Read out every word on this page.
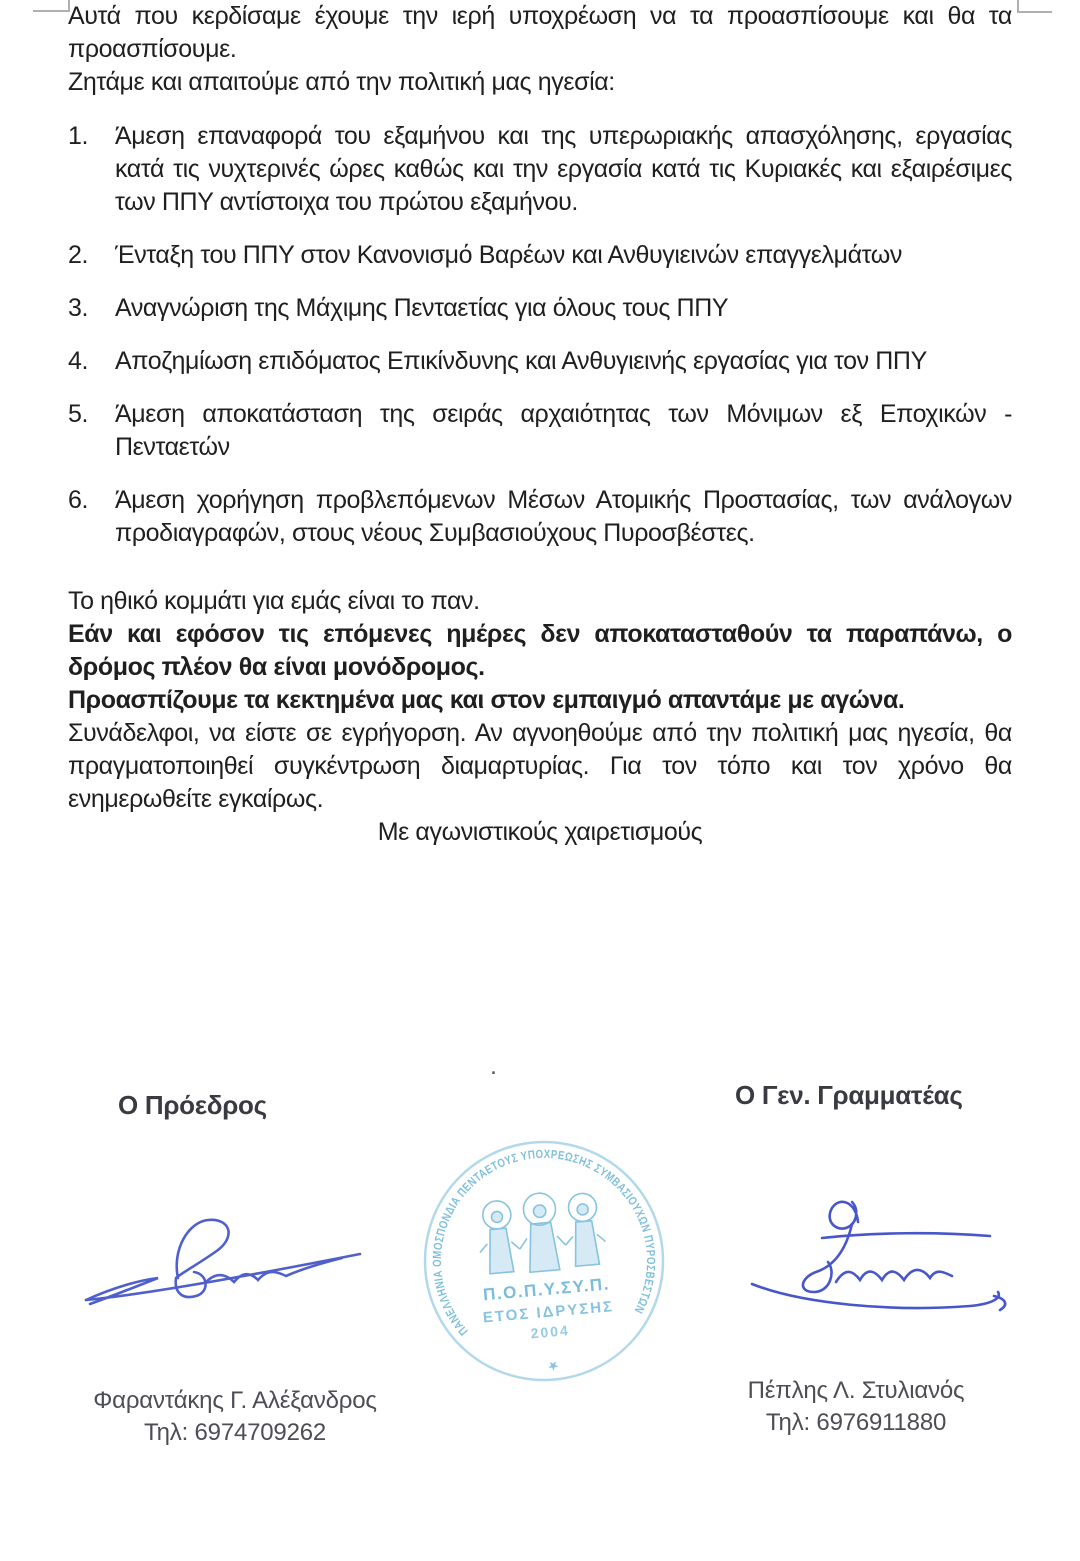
Αυτά που κερδίσαμε έχουμε την ιερή υποχρέωση να τα προασπίσουμε και θα τα προασπίσουμε.

Ζητάμε και απαιτούμε από την πολιτική μας ηγεσία:

1.	Άμεση επαναφορά του εξαμήνου και της υπερωριακής απασχόλησης, εργασίας κατά τις νυχτερινές ώρες καθώς και την εργασία κατά τις Κυριακές και εξαιρέσιμες των ΠΠΥ αντίστοιχα του πρώτου εξαμήνου.
2.	Ένταξη του ΠΠΥ στον Κανονισμό Βαρέων και Ανθυγιεινών επαγγελμάτων
3.	Αναγνώριση της Μάχιμης Πενταετίας για όλους τους ΠΠΥ
4.	Αποζημίωση επιδόματος Επικίνδυνης και Ανθυγιεινής εργασίας για τον ΠΠΥ
5.	Άμεση αποκατάσταση της σειράς αρχαιότητας των Μόνιμων εξ Εποχικών - Πενταετών
6.	Άμεση χορήγηση προβλεπόμενων Μέσων Ατομικής Προστασίας, των ανάλογων προδιαγραφών, στους νέους Συμβασιούχους Πυροσβέστες.

Το ηθικό κομμάτι για εμάς είναι το παν.

Εάν και εφόσον τις επόμενες ημέρες δεν αποκατασταθούν τα παραπάνω, ο δρόμος πλέον θα είναι μονόδρομος.

Προασπίζουμε τα κεκτημένα μας και στον εμπαιγμό απαντάμε με αγώνα.

Συνάδελφοι, να είστε σε εγρήγορση. Αν αγνοηθούμε από την πολιτική μας ηγεσία, θα πραγματοποιηθεί συγκέντρωση διαμαρτυρίας. Για τον τόπο και τον χρόνο θα ενημερωθείτε εγκαίρως.

Με αγωνιστικούς χαιρετισμούς

.
Ο Πρόεδρος	Ο Γεν. Γραμματέας
ΠΑΝΕΛΛΗΝΙΑ ΟΜΟΣΠΟΝΔΙΑ ΠΕΝΤΑΕΤΟΥΣ ΥΠΟΧΡΕΩΣΗΣ ΣΥΜΒΑΣΙΟΥΧΩΝ ΠΥΡΟΣΒΕΣΤΩΝ
★
Π.Ο.Π.Υ.ΣΥ.Π.
ΕΤΟΣ ΙΔΡΥΣΗΣ
2004
Φαραντάκης Γ. Αλέξανδρος
Τηλ: 6974709262
Πέπλης Λ. Στυλιανός
Τηλ: 6976911880
